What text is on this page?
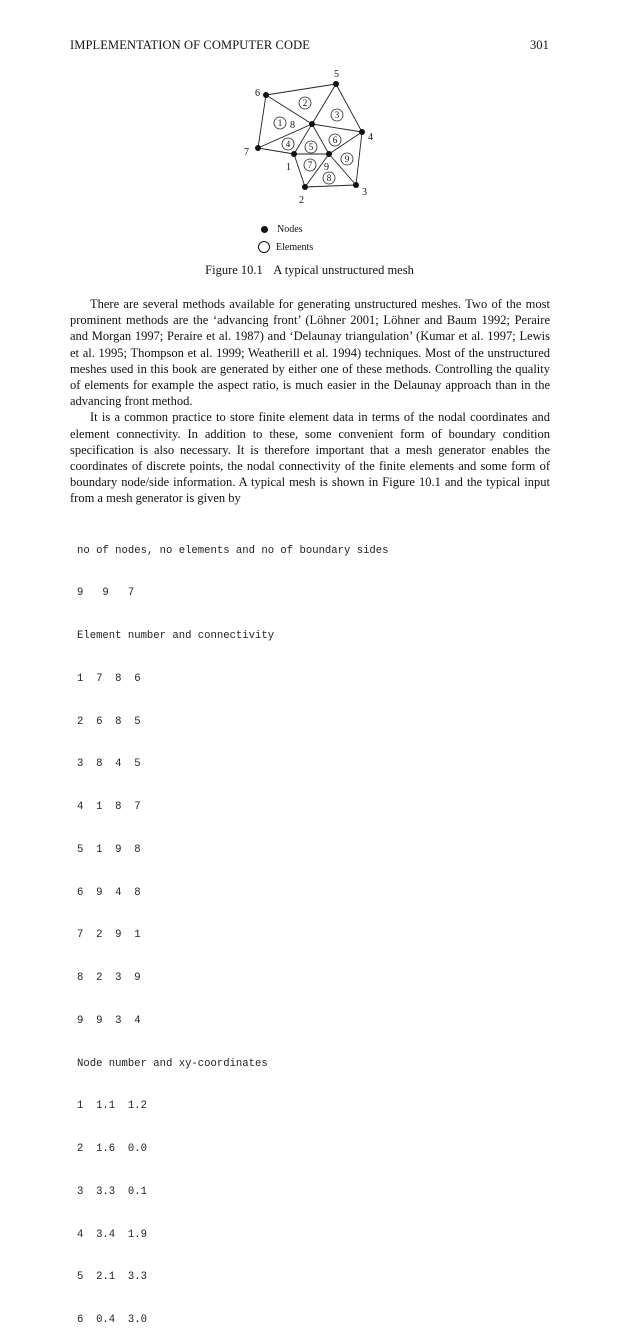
IMPLEMENTATION OF COMPUTER CODE	301
1
2
3
4
5
6
7
8
9
1
2
3
4 5
6
7
8
9
Nodes
Elements
Figure 10.1 A typical unstructured mesh

There are several methods available for generating unstructured meshes. Two of the most prominent methods are the ‘advancing front’ (Löhner 2001; Löhner and Baum 1992; Peraire and Morgan 1997; Peraire et al. 1987) and ‘Delaunay triangulation’ (Kumar et al. 1997; Lewis et al. 1995; Thompson et al. 1999; Weatherill et al. 1994) techniques. Most of the unstructured meshes used in this book are generated by either one of these methods. Controlling the quality of elements for example the aspect ratio, is much easier in the Delaunay approach than in the advancing front method.

It is a common practice to store finite element data in terms of the nodal coordinates and element connectivity. In addition to these, some convenient form of boundary condition specification is also necessary. It is therefore important that a mesh generator enables the coordinates of discrete points, the nodal connectivity of the finite elements and some form of boundary node/side information. A typical mesh is shown in Figure 10.1 and the typical input from a mesh generator is given by

no of nodes, no elements and no of boundary sides

9   9   7

Element number and connectivity

1  7  8  6

2  6  8  5

3  8  4  5

4  1  8  7

5  1  9  8

6  9  4  8

7  2  9  1

8  2  3  9

9  9  3  4

Node number and xy-coordinates

1  1.1  1.2

2  1.6  0.0

3  3.3  0.1

4  3.4  1.9

5  2.1  3.3

6  0.4  3.0
